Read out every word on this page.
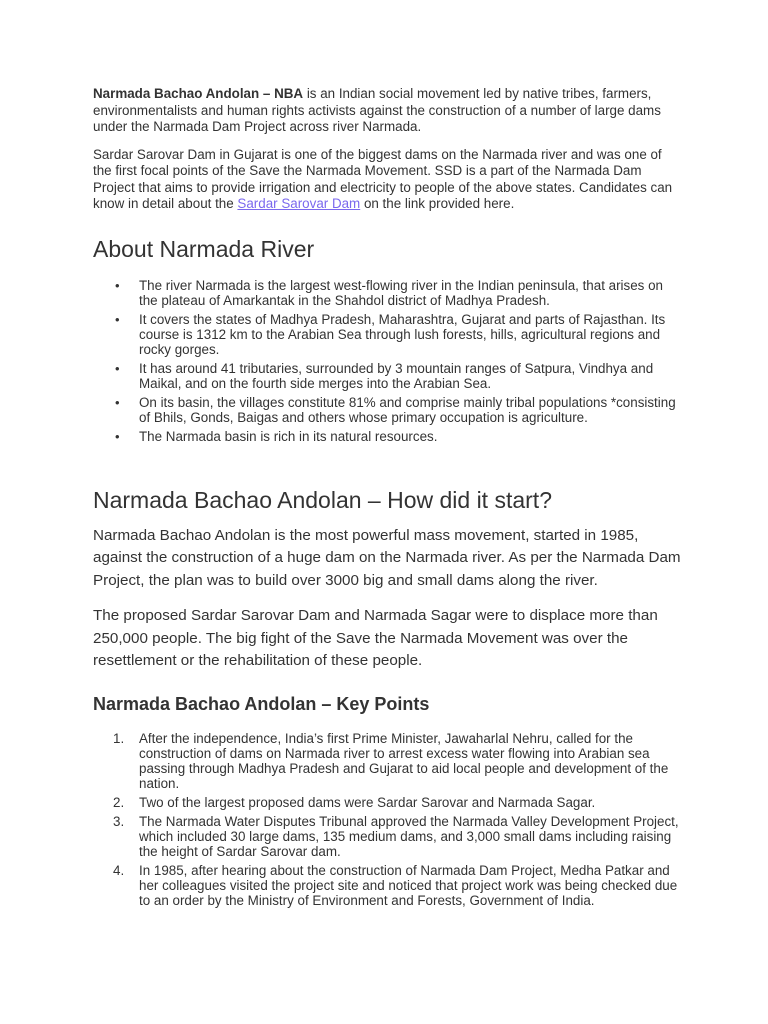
Narmada Bachao Andolan – NBA is an Indian social movement led by native tribes, farmers, environmentalists and human rights activists against the construction of a number of large dams under the Narmada Dam Project across river Narmada.

Sardar Sarovar Dam in Gujarat is one of the biggest dams on the Narmada river and was one of the first focal points of the Save the Narmada Movement. SSD is a part of the Narmada Dam Project that aims to provide irrigation and electricity to people of the above states. Candidates can know in detail about the Sardar Sarovar Dam on the link provided here.

About Narmada River
• The river Narmada is the largest west-flowing river in the Indian peninsula, that arises on the plateau of Amarkantak in the Shahdol district of Madhya Pradesh.
• It covers the states of Madhya Pradesh, Maharashtra, Gujarat and parts of Rajasthan. Its course is 1312 km to the Arabian Sea through lush forests, hills, agricultural regions and rocky gorges.
• It has around 41 tributaries, surrounded by 3 mountain ranges of Satpura, Vindhya and Maikal, and on the fourth side merges into the Arabian Sea.
• On its basin, the villages constitute 81% and comprise mainly tribal populations *consisting of Bhils, Gonds, Baigas and others whose primary occupation is agriculture.
• The Narmada basin is rich in its natural resources.
Narmada Bachao Andolan – How did it start?

Narmada Bachao Andolan is the most powerful mass movement, started in 1985, against the construction of a huge dam on the Narmada river. As per the Narmada Dam Project, the plan was to build over 3000 big and small dams along the river.

The proposed Sardar Sarovar Dam and Narmada Sagar were to displace more than 250,000 people. The big fight of the Save the Narmada Movement was over the resettlement or the rehabilitation of these people.

Narmada Bachao Andolan – Key Points
1. After the independence, India’s first Prime Minister, Jawaharlal Nehru, called for the construction of dams on Narmada river to arrest excess water flowing into Arabian sea passing through Madhya Pradesh and Gujarat to aid local people and development of the nation.
2. Two of the largest proposed dams were Sardar Sarovar and Narmada Sagar.
3. The Narmada Water Disputes Tribunal approved the Narmada Valley Development Project, which included 30 large dams, 135 medium dams, and 3,000 small dams including raising the height of Sardar Sarovar dam.
4. In 1985, after hearing about the construction of Narmada Dam Project, Medha Patkar and her colleagues visited the project site and noticed that project work was being checked due to an order by the Ministry of Environment and Forests, Government of India.
